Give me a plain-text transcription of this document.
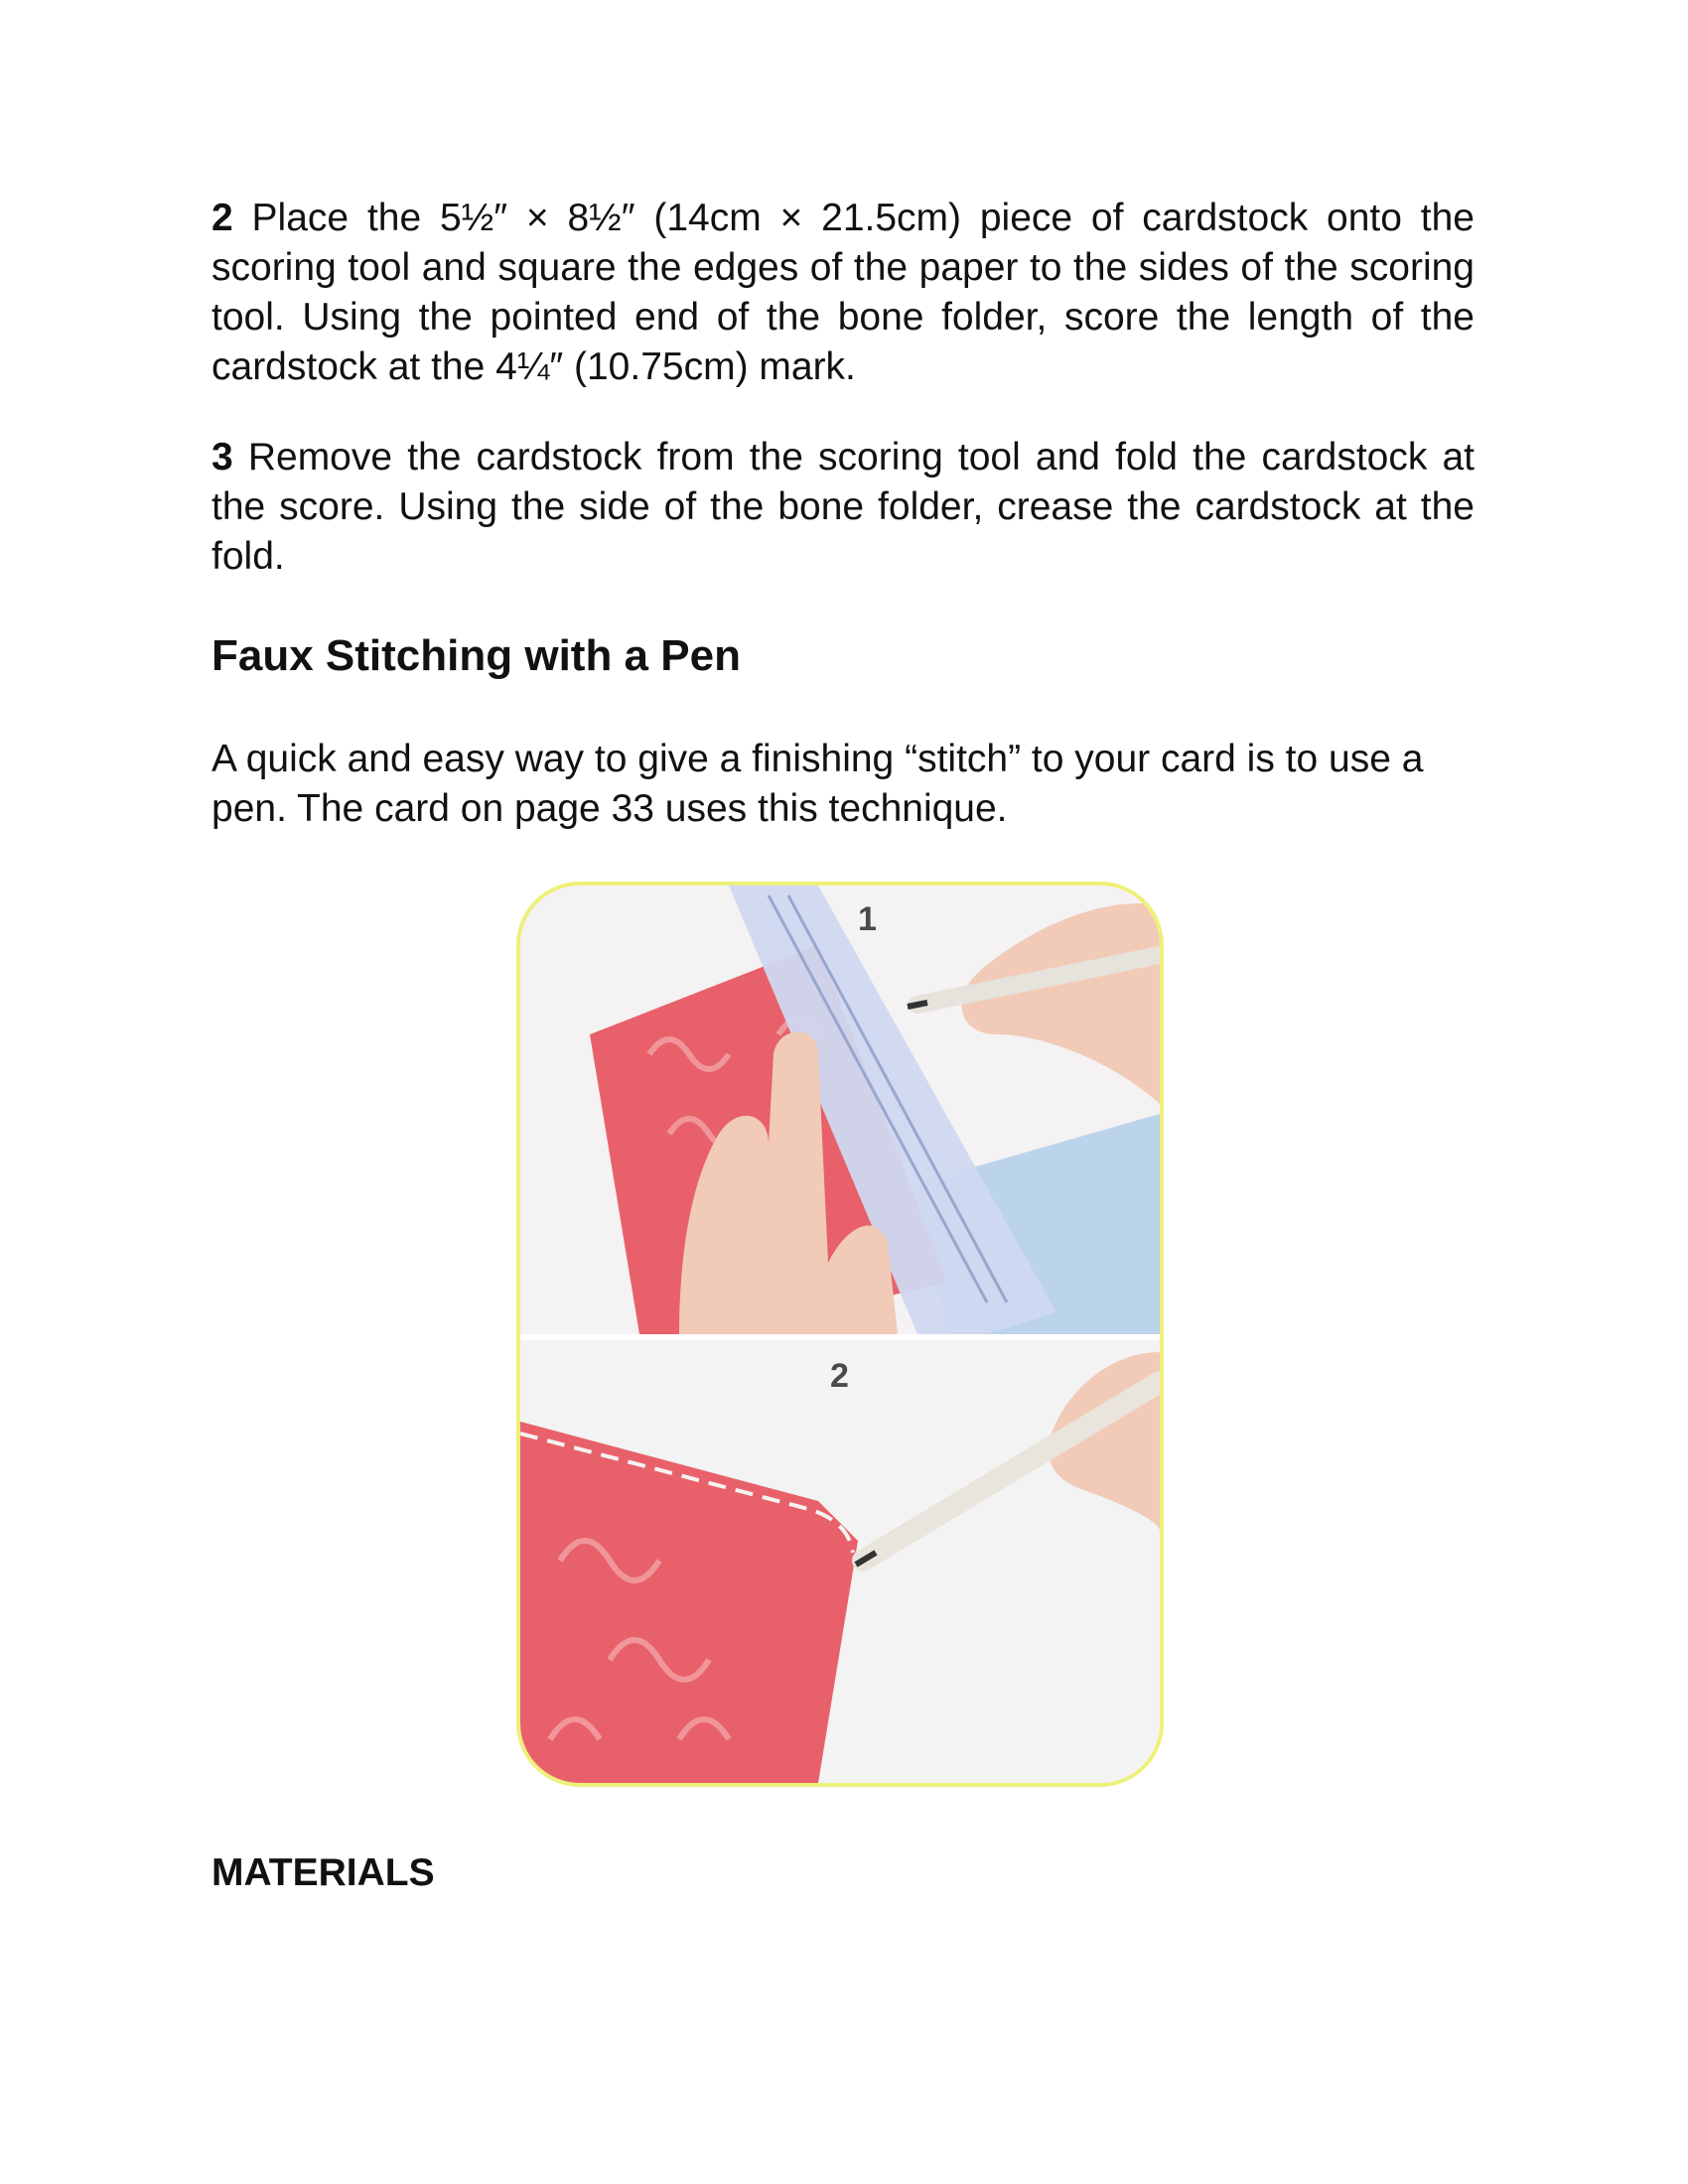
2 Place the 5½″ × 8½″ (14cm × 21.5cm) piece of cardstock onto the scoring tool and square the edges of the paper to the sides of the scoring tool. Using the pointed end of the bone folder, score the length of the cardstock at the 4¼″ (10.75cm) mark.

3 Remove the cardstock from the scoring tool and fold the cardstock at the score. Using the side of the bone folder, crease the cardstock at the fold.

Faux Stitching with a Pen

A quick and easy way to give a finishing “stitch” to your card is to use a pen. The card on page 33 uses this technique.

1
2
MATERIALS
